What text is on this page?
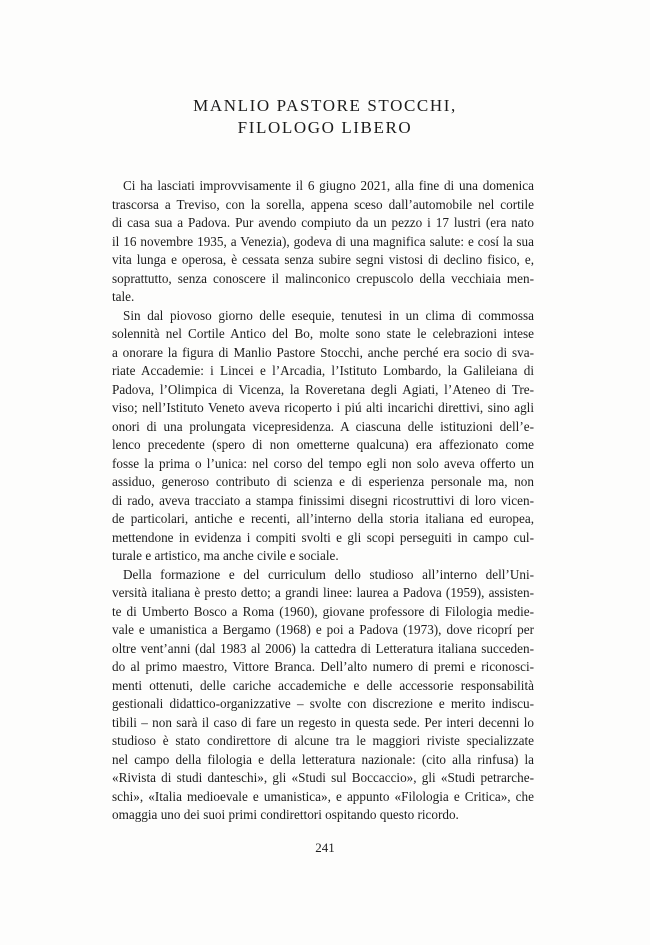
MANLIO PASTORE STOCCHI,
FILOLOGO LIBERO
Ci ha lasciati improvvisamente il 6 giugno 2021, alla fine di una domenica
trascorsa a Treviso, con la sorella, appena sceso dall’automobile nel cortile
di casa sua a Padova. Pur avendo compiuto da un pezzo i 17 lustri (era nato
il 16 novembre 1935, a Venezia), godeva di una magnifica salute: e cosí la sua
vita lunga e operosa, è cessata senza subire segni vistosi di declino fisico, e,
soprattutto, senza conoscere il malinconico crepuscolo della vecchiaia men-
tale.
Sin dal piovoso giorno delle esequie, tenutesi in un clima di commossa
solennità nel Cortile Antico del Bo, molte sono state le celebrazioni intese
a onorare la figura di Manlio Pastore Stocchi, anche perché era socio di sva-
riate Accademie: i Lincei e l’Arcadia, l’Istituto Lombardo, la Galileiana di
Padova, l’Olimpica di Vicenza, la Roveretana degli Agiati, l’Ateneo di Tre-
viso; nell’Istituto Veneto aveva ricoperto i piú alti incarichi direttivi, sino agli
onori di una prolungata vicepresidenza. A ciascuna delle istituzioni dell’e-
lenco precedente (spero di non ometterne qualcuna) era affezionato come
fosse la prima o l’unica: nel corso del tempo egli non solo aveva offerto un
assiduo, generoso contributo di scienza e di esperienza personale ma, non
di rado, aveva tracciato a stampa finissimi disegni ricostruttivi di loro vicen-
de particolari, antiche e recenti, all’interno della storia italiana ed europea,
mettendone in evidenza i compiti svolti e gli scopi perseguiti in campo cul-
turale e artistico, ma anche civile e sociale.
Della formazione e del curriculum dello studioso all’interno dell’Uni-
versità italiana è presto detto; a grandi linee: laurea a Padova (1959), assisten-
te di Umberto Bosco a Roma (1960), giovane professore di Filologia medie-
vale e umanistica a Bergamo (1968) e poi a Padova (1973), dove ricoprí per
oltre vent’anni (dal 1983 al 2006) la cattedra di Letteratura italiana succeden-
do al primo maestro, Vittore Branca. Dell’alto numero di premi e riconosci-
menti ottenuti, delle cariche accademiche e delle accessorie responsabilità
gestionali didattico-organizzative – svolte con discrezione e merito indiscu-
tibili – non sarà il caso di fare un regesto in questa sede. Per interi decenni lo
studioso è stato condirettore di alcune tra le maggiori riviste specializzate
nel campo della filologia e della letteratura nazionale: (cito alla rinfusa) la
«Rivista di studi danteschi», gli «Studi sul Boccaccio», gli «Studi petrarche-
schi», «Italia medioevale e umanistica», e appunto «Filologia e Critica», che
omaggia uno dei suoi primi condirettori ospitando questo ricordo.
241
